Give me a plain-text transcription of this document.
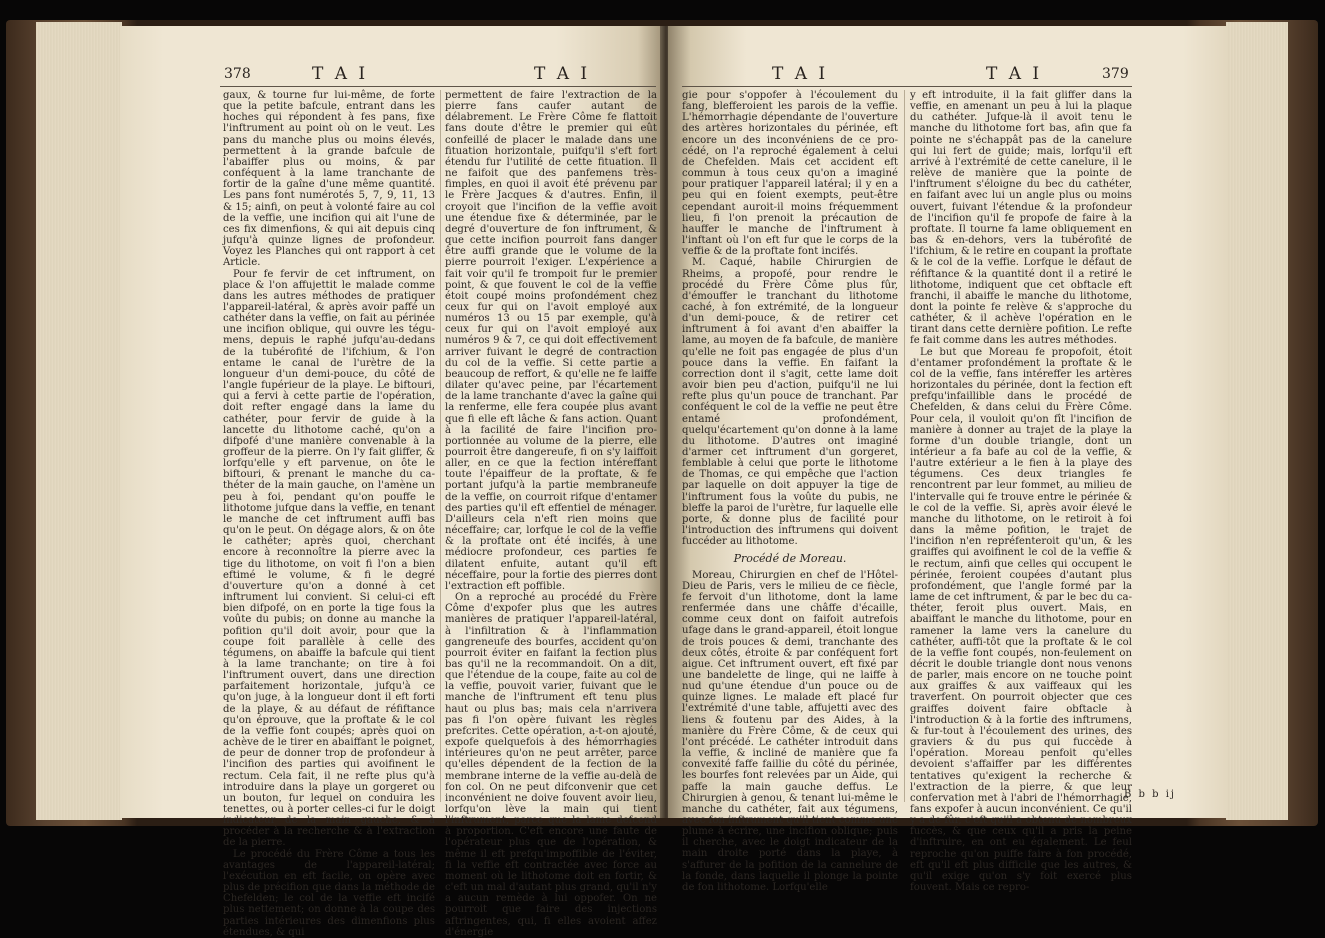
378	T A I	T A I

gaux, & tourne fur lui-même, de forte que la petite bafcule, entrant dans les hoches qui répondent à fes pans, fixe l'inftrument au point où on le veut. Les pans du manche plus ou moins élevés, permettent à la grande bafcule de l'abaiffer plus ou moins, & par conféquent à la lame tranchante de fortir de la gaîne d'une même quantité. Les pans font numérotés 5, 7, 9, 11, 13 & 15; ainfi, on peut à volonté faire au col de la veffie, une incifion qui ait l'une de ces fix dimenfions, & qui ait depuis cinq jufqu'à quinze lignes de profondeur. Voyez les Planches qui ont rapport à cet Article.

Pour fe fervir de cet inftrument, on place & l'on affujettit le malade comme dans les autres méthodes de pratiquer l'appareil-latéral, & après avoir paffé un cathéter dans la veffie, on fait au périnée une incifion oblique, qui ouvre les tégumens, depuis le raphé jufqu'au-dedans de la tubérofité de l'ifchium, & l'on entame le canal de l'urètre de la longueur d'un demi-pouce, du côté de l'angle fupérieur de la playe. Le biftouri, qui a fervi à cette partie de l'opération, doit refter engagé dans la lame du cathéter, pour fervir de guide à la lancette du lithotome caché, qu'on a difpofé d'une manière convenable à la groffeur de la pierre. On l'y fait gliffer, & lorfqu'elle y eft parvenue, on ôte le biftouri, & prenant le manche du cathéter de la main gauche, on l'amène un peu à foi, pendant qu'on pouffe le lithotome jufque dans la veffie, en tenant le manche de cet inftrument auffi bas qu'on le peut. On dégage alors, & on ôte le cathéter; après quoi, cherchant encore à reconnoître la pierre avec la tige du lithotome, on voit fi l'on a bien eftimé le volume, & fi le degré d'ouverture qu'on a donné à cet inftrument lui convient. Si celui-ci eft bien difpofé, on en porte la tige fous la voûte du pubis; on donne au manche la pofition qu'il doit avoir, pour que la coupe foit parallèle à celle des tégumens, on abaiffe la bafcule qui tient à la lame tranchante; on tire à foi l'inftrument ouvert, dans une direction parfaitement horizontale, jufqu'à ce qu'on juge, à la longueur dont il eft forti de la playe, & au défaut de réfiftance qu'on éprouve, que la proftate & le col de la veffie font coupés; après quoi on achève de le tirer en abaiffant le poignet, de peur de donner trop de profondeur à l'incifion des parties qui avoifinent le rectum. Cela fait, il ne refte plus qu'à introduire dans la playe un gorgeret ou un bouton, fur lequel on conduira les tenettes, ou à porter celles-ci fur le doigt indicateur de la main gauche, & à procéder à la recherche & à l'extraction de la pierre.

Le procédé du Frère Côme a tous les avantages de l'appareil-latéral; l'exécution en eft facile, on opère avec plus de précifion que dans la méthode de Chefelden; le col de la veffie eft incifé plus nettement; on donne à la coupe des parties intérieures des dimenfions plus étendues, & qui

permettent de faire l'extraction de la pierre fans caufer autant de délabrement. Le Frère Côme fe flattoit fans doute d'être le premier qui eût confeillé de placer le malade dans une fituation horizontale, puifqu'il s'eft fort étendu fur l'utilité de cette fituation. Il ne faifoit que des panfemens très-fimples, en quoi il avoit été prévenu par le Frère Jacques & d'autres. Enfin, il croyoit que l'incifion de la veffie avoit une étendue fixe & déterminée, par le degré d'ouverture de fon inftrument, & que cette incifion pourroit fans danger être auffi grande que le volume de la pierre pourroit l'exiger. L'expérience a fait voir qu'il fe trompoit fur le premier point, & que fouvent le col de la veffie étoit coupé moins profondément chez ceux fur qui on l'avoit employé aux numéros 13 ou 15 par exemple, qu'à ceux fur qui on l'avoit employé aux numéros 9 & 7, ce qui doit effectivement arriver fuivant le degré de contraction du col de la veffie. Si cette partie a beaucoup de reffort, & qu'elle ne fe laiffe dilater qu'avec peine, par l'écartement de la lame tranchante d'avec la gaîne qui la renferme, elle fera coupée plus avant que fi elle eft lâche & fans action. Quant à la facilité de faire l'incifion proportionnée au volume de la pierre, elle pourroit être dangereufe, fi on s'y laiffoit aller, en ce que la fection intéreffant toute l'épaiffeur de la proftate, & fe portant jufqu'à la partie membraneufe de la veffie, on courroit rifque d'entamer des parties qu'il eft effentiel de ménager. D'ailleurs cela n'eft rien moins que néceffaire; car, lorfque le col de la veffie & la proftate ont été incifés, à une médiocre profondeur, ces parties fe dilatent enfuite, autant qu'il eft néceffaire, pour la fortie des pierres dont l'extraction eft poffible.

On a reproché au procédé du Frère Côme d'expofer plus que les autres manières de pratiquer l'appareil-latéral, à l'infiltration & à l'inflammation gangreneufe des bourfes, accident qu'on pourroit éviter en faifant la fection plus bas qu'il ne la recommandoit. On a dit, que l'étendue de la coupe, faite au col de la veffie, pouvoit varier, fuivant que le manche de l'inftrument eft tenu plus haut ou plus bas; mais cela n'arrivera pas fi l'on opère fuivant les règles prefcrites. Cette opération, a-t-on ajouté, expofe quelquefois à des hémorrhagies intérieures qu'on ne peut arrêter, parce qu'elles dépendent de la fection de la membrane interne de la veffie au-delà de fon col. On ne peut difconvenir que cet inconvénient ne doive fouvent avoir lieu, lorfqu'on lève la main qui tient l'inftrument, parce que la lame defcend à proportion. C'eft encore une faute de l'opérateur plus que de l'opération, & même il eft prefqu'impoffible de l'éviter, fi la veffie eft contractée avec force au moment où le lithotome doit en fortir, & c'eft un mal d'autant plus grand, qu'il n'y a aucun remède à lui oppofer. On ne pourroit que faire des injections aftringentes, qui, fi elles avoient affez d'énergie

T A I	T A I	379

gie pour s'oppofer à l'écoulement du fang, blefferoient les parois de la veffie. L'hémorrhagie dépendante de l'ouverture des artères horizontales du périnée, eft encore un des inconvéniens de ce procédé, on l'a reproché également à celui de Chefelden. Mais cet accident eft commun à tous ceux qu'on a imaginé pour pratiquer l'appareil latéral; il y en a peu qui en foient exempts, peut-être cependant auroit-il moins fréquemment lieu, fi l'on prenoit la précaution de hauffer le manche de l'inftrument à l'inftant où l'on eft fur que le corps de la veffie & de la proftate font incifés.

M. Caqué, habile Chirurgien de Rheims, a propofé, pour rendre le procédé du Frère Côme plus fûr, d'émouffer le tranchant du lithotome caché, à fon extrémité, de la longueur d'un demi-pouce, & de retirer cet inftrument à foi avant d'en abaiffer la lame, au moyen de fa bafcule, de manière qu'elle ne foit pas engagée de plus d'un pouce dans la veffie. En faifant la correction dont il s'agit, cette lame doit avoir bien peu d'action, puifqu'il ne lui refte plus qu'un pouce de tranchant. Par conféquent le col de la veffie ne peut être entamé profondément, quelqu'écartement qu'on donne à la lame du lithotome. D'autres ont imaginé d'armer cet inftrument d'un gorgeret, femblable à celui que porte le lithotome de Thomas, ce qui empêche que l'action par laquelle on doit appuyer la tige de l'inftrument fous la voûte du pubis, ne bleffe la paroi de l'urètre, fur laquelle elle porte, & donne plus de facilité pour l'introduction des inftrumens qui doivent fuccéder au lithotome.

Procédé de Moreau.

Moreau, Chirurgien en chef de l'Hôtel-Dieu de Paris, vers le milieu de ce fiècle, fe fervoit d'un lithotome, dont la lame renfermée dans une châffe d'écaille, comme ceux dont on faifoit autrefois ufage dans le grand-appareil, étoit longue de trois pouces & demi, tranchante des deux côtés, étroite & par conféquent fort aigue. Cet inftrument ouvert, eft fixé par une bandelette de linge, qui ne laiffe à nud qu'une étendue d'un pouce ou de quinze lignes. Le malade eft placé fur l'extrémité d'une table, affujetti avec des liens & foutenu par des Aides, à la manière du Frère Côme, & de ceux qui l'ont précédé. Le cathéter introduit dans la veffie, & incliné de manière que fa convexité faffe faillie du côté du périnée, les bourfes font relevées par un Aide, qui paffe la main gauche deffus. Le Chirurgien à genou, & tenant lui-même le manche du cathéter, fait aux tégumens, avec fon inftrument qu'il tient comme une plume à écrire, une incifion oblique; puis il cherche, avec le doigt indicateur de la main droite porté dans la playe, à s'affurer de la pofition de la cannelure de la fonde, dans laquelle il plonge la pointe de fon lithotome. Lorfqu'elle

y eft introduite, il la fait gliffer dans la veffie, en amenant un peu à lui la plaque du cathéter. Jufque-là il avoit tenu le manche du lithotome fort bas, afin que fa pointe ne s'échappât pas de la canelure qui lui fert de guide; mais, lorfqu'il eft arrivé à l'extrémité de cette canelure, il le relève de manière que la pointe de l'inftrument s'éloigne du bec du cathéter, en faifant avec lui un angle plus ou moins ouvert, fuivant l'étendue & la profondeur de l'incifion qu'il fe propofe de faire à la proftate. Il tourne fa lame obliquement en bas & en-dehors, vers la tubérofité de l'ifchium, & le retire en coupant la proftate & le col de la veffie. Lorfque le défaut de réfiftance & la quantité dont il a retiré le lithotome, indiquent que cet obftacle eft franchi, il abaiffe le manche du lithotome, dont la pointe fe relève & s'approche du cathéter, & il achève l'opération en le tirant dans cette dernière pofition. Le refte fe fait comme dans les autres méthodes.

Le but que Moreau fe propofoit, étoit d'entamer profondément la proftate & le col de la veffie, fans intéreffer les artères horizontales du périnée, dont la fection eft prefqu'infaillible dans le procédé de Chefelden, & dans celui du Frère Côme. Pour cela, il vouloit qu'on fît l'incifion de manière à donner au trajet de la playe la forme d'un double triangle, dont un intérieur a fa bafe au col de la veffie, & l'autre extérieur a le fien à la playe des tégumens. Ces deux triangles fe rencontrent par leur fommet, au milieu de l'intervalle qui fe trouve entre le périnée & le col de la veffie. Si, après avoir élevé le manche du lithotome, on le retiroit à foi dans la même pofition, le trajet de l'incifion n'en repréfenteroit qu'un, & les graiffes qui avoifinent le col de la veffie & le rectum, ainfi que celles qui occupent le périnée, feroient coupées d'autant plus profondément, que l'angle formé par la lame de cet inftrument, & par le bec du cathéter, feroit plus ouvert. Mais, en abaiffant le manche du lithotome, pour en ramener la lame vers la canelure du cathéter, auffi-tôt que la proftate & le col de la veffie font coupés, non-feulement on décrit le double triangle dont nous venons de parler, mais encore on ne touche point aux graiffes & aux vaiffeaux qui les traverfent. On pourroit objecter que ces graiffes doivent faire obftacle à l'introduction & à la fortie des inftrumens, & fur-tout à l'écoulement des urines, des graviers & du pus qui fuccède à l'opération. Moreau penfoit qu'elles devoient s'affaiffer par les différentes tentatives qu'exigent la recherche & l'extraction de la pierre, & que leur confervation met à l'abri de l'hémorrhagie, fans expofer à aucun inconvénient. Ce qu'il y a de fûr, c'eft qu'il a obtenu de nombreux fuccès, & que ceux qu'il a pris la peine d'inftruire, en ont eu également. Le feul reproche qu'on puiffe faire à fon procédé, eft qu'il eft plus difficile que les autres, & qu'il exige qu'on s'y foit exercé plus fouvent. Mais ce repro-

B b b ij
